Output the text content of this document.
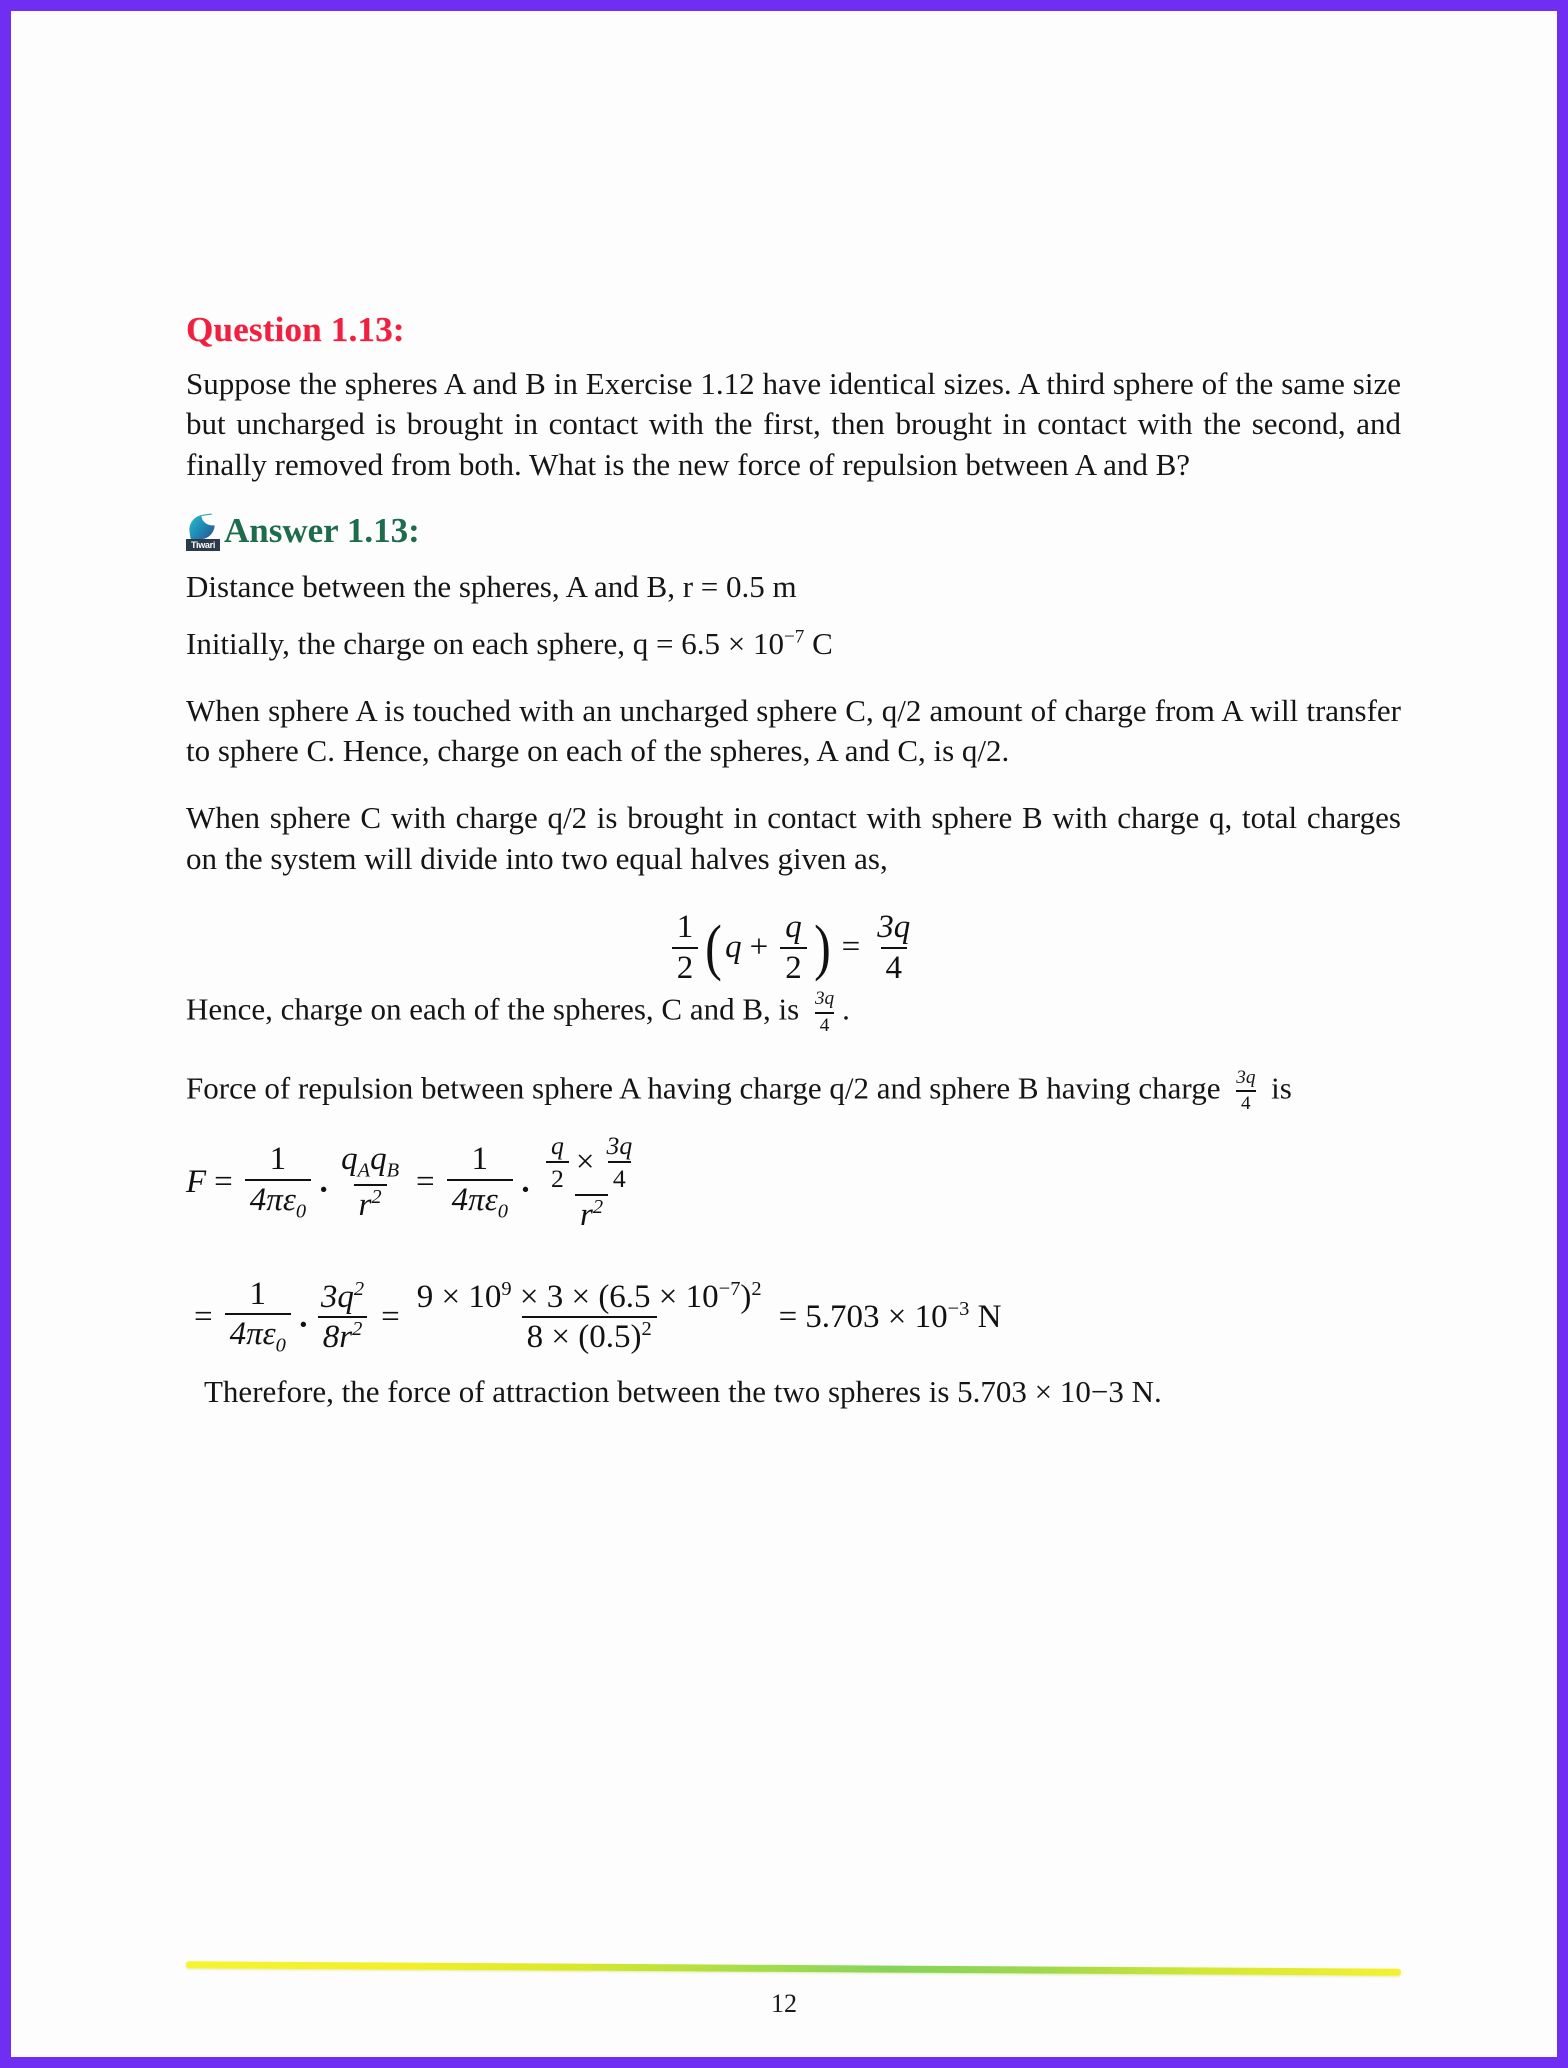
Question 1.13:

Suppose the spheres A and B in Exercise 1.12 have identical sizes. A third sphere of the same size but uncharged is brought in contact with the first, then brought in contact with the second, and finally removed from both. What is the new force of repulsion between A and B?

Tiwari Answer 1.13:

Distance between the spheres, A and B, r = 0.5 m

Initially, the charge on each sphere, $q = 6.5 \times 10^{-7}$ C

When sphere A is touched with an uncharged sphere C, q/2 amount of charge from A will transfer to sphere C. Hence, charge on each of the spheres, A and C, is q/2.

When sphere C with charge q/2 is brought in contact with sphere B with charge q, total charges on the system will divide into two equal halves given as,

$\frac{1}{2}$ ( $q + \frac{q}{2}$ ) = $\frac{3q}{4}$

Hence, charge on each of the spheres, C and B, is $\frac{3q}{4}$ .

Force of repulsion between sphere A having charge q/2 and sphere B having charge $\frac{3q}{4}$ is

$F = \frac{1}{4\pi\varepsilon_0} \cdot \frac{q_Aq_B}{r^2} = \frac{1}{4\pi\varepsilon_0} \cdot \frac{q}{2} \times \frac{3q}{4}$
$r^2$
= $\frac{1}{4\pi\varepsilon_0} \cdot \frac{3q^2}{8r^2} = \frac{9 \times 10^9 \times 3 \times (6.5 \times 10^{-7})^2}{8 \times (0.5)^2} = 5.703 \times 10^{-3}$ N

Therefore, the force of attraction between the two spheres is 5.703 × 10−3 N.

12
